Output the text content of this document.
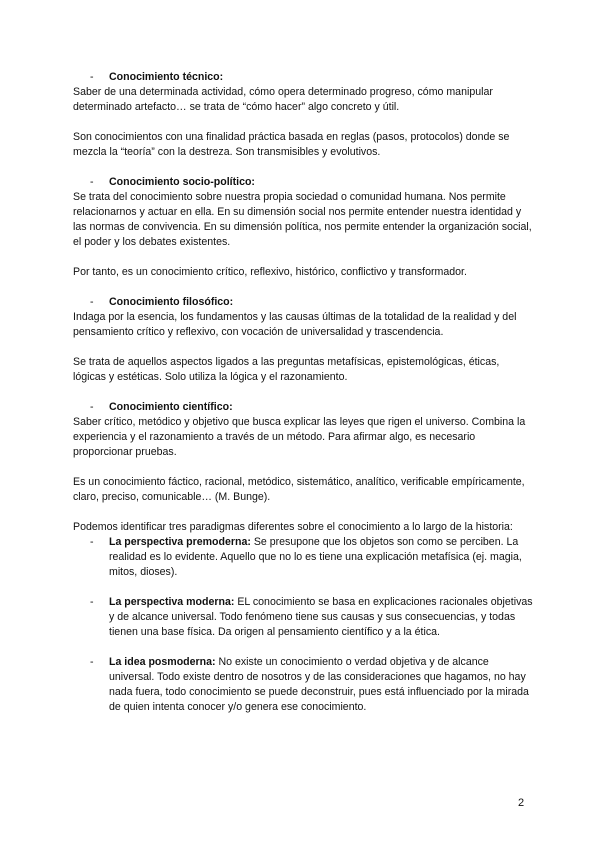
- Conocimiento técnico:

Saber de una determinada actividad, cómo opera determinado progreso, cómo manipular determinado artefacto… se trata de “cómo hacer” algo concreto y útil.

Son conocimientos con una finalidad práctica basada en reglas (pasos, protocolos) donde se mezcla la “teoría” con la destreza. Son transmisibles y evolutivos.

- Conocimiento socio-político:

Se trata del conocimiento sobre nuestra propia sociedad o comunidad humana. Nos permite relacionarnos y actuar en ella. En su dimensión social nos permite entender nuestra identidad y las normas de convivencia. En su dimensión política, nos permite entender la organización social, el poder y los debates existentes.

Por tanto, es un conocimiento crítico, reflexivo, histórico, conflictivo y transformador.

- Conocimiento filosófico:

Indaga por la esencia, los fundamentos y las causas últimas de la totalidad de la realidad y del pensamiento crítico y reflexivo, con vocación de universalidad y trascendencia.

Se trata de aquellos aspectos ligados a las preguntas metafísicas, epistemológicas, éticas, lógicas y estéticas. Solo utiliza la lógica y el razonamiento.

- Conocimiento científico:

Saber crítico, metódico y objetivo que busca explicar las leyes que rigen el universo. Combina la experiencia y el razonamiento a través de un método. Para afirmar algo, es necesario proporcionar pruebas.

Es un conocimiento fáctico, racional, metódico, sistemático, analítico, verificable empíricamente, claro, preciso, comunicable… (M. Bunge).

Podemos identificar tres paradigmas diferentes sobre el conocimiento a lo largo de la historia:

- La perspectiva premoderna: Se presupone que los objetos son como se perciben. La realidad es lo evidente. Aquello que no lo es tiene una explicación metafísica (ej. magia, mitos, dioses).
- La perspectiva moderna: EL conocimiento se basa en explicaciones racionales objetivas y de alcance universal. Todo fenómeno tiene sus causas y sus consecuencias, y todas tienen una base física. Da origen al pensamiento científico y a la ética.
- La idea posmoderna: No existe un conocimiento o verdad objetiva y de alcance universal. Todo existe dentro de nosotros y de las consideraciones que hagamos, no hay nada fuera, todo conocimiento se puede deconstruir, pues está influenciado por la mirada de quien intenta conocer y/o genera ese conocimiento.
2
